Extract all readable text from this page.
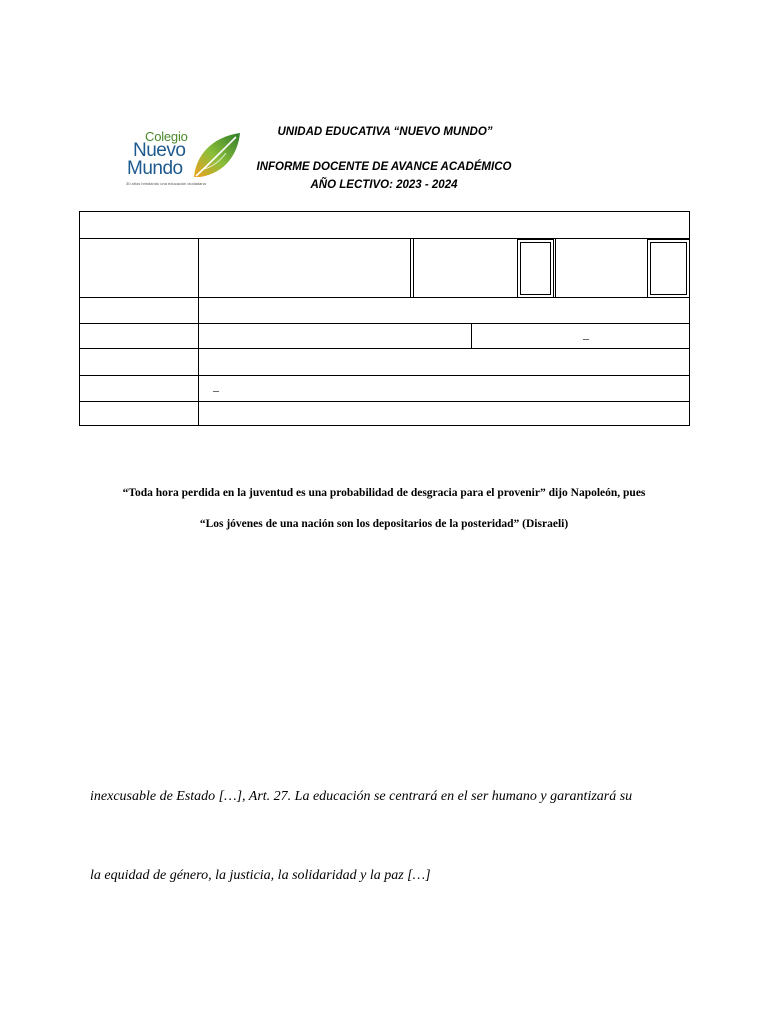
Colegio
Nuevo
Mundo
30 años brindando una educación ciudadana
UNIDAD EDUCATIVA “NUEVO MUNDO”
INFORME DOCENTE DE AVANCE ACADÉMICO
AÑO LECTIVO: 2023 - 2024
–
–
“Toda hora perdida en la juventud es una probabilidad de desgracia para el provenir” dijo Napoleón, pues
“Los jóvenes de una nación son los depositarios de la posteridad” (Disraeli)
inexcusable de Estado […], Art. 27. La educación se centrará en el ser humano y garantizará su
la equidad de género, la justicia, la solidaridad y la paz […]
